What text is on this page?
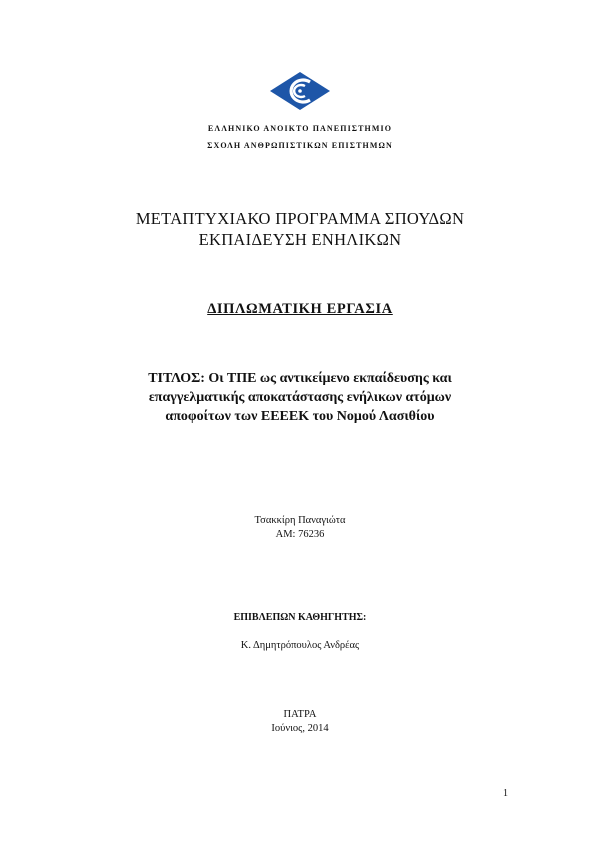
ΕΛΛΗΝΙΚΟ ΑΝΟΙΚΤΟ ΠΑΝΕΠΙΣΤΗΜΙΟ
ΣΧΟΛΗ ΑΝΘΡΩΠΙΣΤΙΚΩΝ ΕΠΙΣΤΗΜΩΝ
ΜΕΤΑΠΤΥΧΙΑΚΟ ΠΡΟΓΡΑΜΜΑ ΣΠΟΥΔΩΝ
ΕΚΠΑΙΔΕΥΣΗ ΕΝΗΛΙΚΩΝ
ΔΙΠΛΩΜΑΤΙΚΗ ΕΡΓΑΣΙΑ
ΤΙΤΛΟΣ: Οι ΤΠΕ ως αντικείμενο εκπαίδευσης και
επαγγελματικής αποκατάστασης ενήλικων ατόμων
αποφοίτων των ΕΕΕΕΚ του Νομού Λασιθίου
Τσακκίρη Παναγιώτα
ΑΜ: 76236
ΕΠΙΒΛΕΠΩΝ ΚΑΘΗΓΗΤΗΣ:
Κ. Δημητρόπουλος Ανδρέας
ΠΑΤΡΑ
Ιούνιος, 2014
1
